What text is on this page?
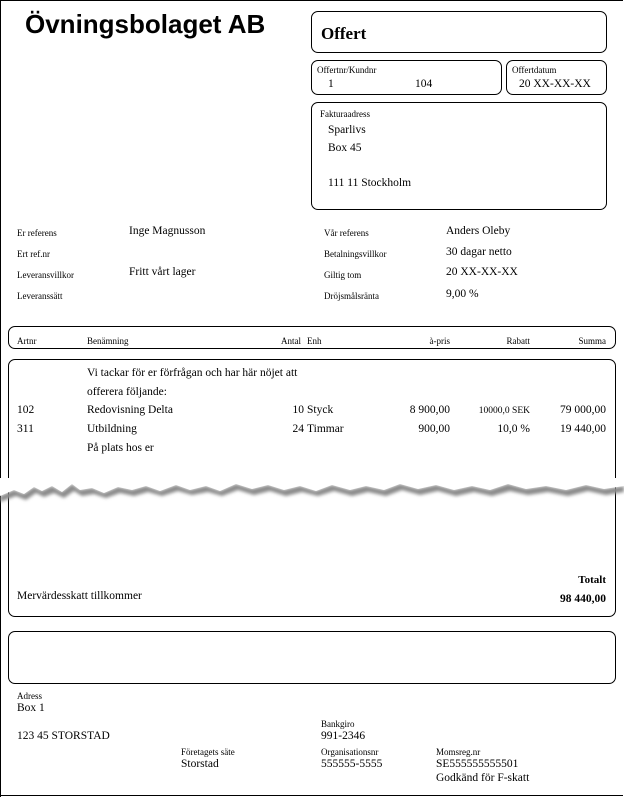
Övningsbolaget AB	Offert
Offertnr/Kundnr
1	104
Offertdatum
20 XX-XX-XX
Fakturaadress
Sparlivs
Box 45
111 11 Stockholm
Er referens	Inge Magnusson
Ert ref.nr
Leveransvillkor	Fritt vårt lager
Leveranssätt
Vår referens	Anders Oleby
Betalningsvillkor	30 dagar netto
Giltig tom	20 XX-XX-XX
Dröjsmålsränta	9,00 %
Artnr	Benämning	Antal Enh	à-pris	Rabatt	Summa
Vi tackar för er förfrågan och har här nöjet att
offerera följande:
102	Redovisning Delta	10 Styck	8 900,00	10000,0 SEK	79 000,00
311	Utbildning	24 Timmar	900,00	10,0 %	19 440,00
På plats hos er
Mervärdesskatt tillkommer
Totalt
98 440,00
Adress
Box 1
123 45 STORSTAD
Företagets säte
Storstad
Bankgiro
991-2346
Organisationsnr
555555-5555
Momsreg.nr
SE555555555501
Godkänd för F-skatt
